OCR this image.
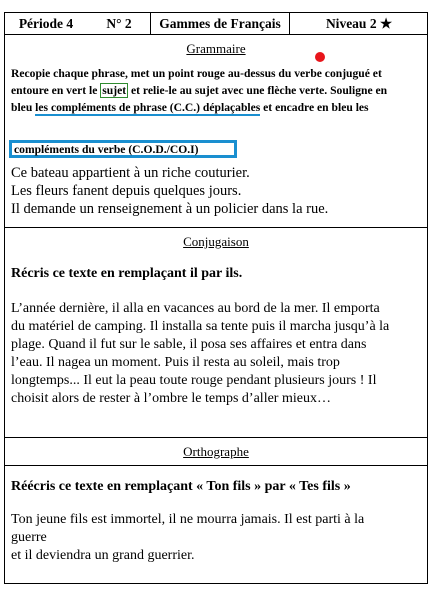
Période 4	N° 2	Gammes de Français	Niveau 2 ★
Grammaire
Recopie chaque phrase, met un point rouge au-dessus du verbe conjugué et
entoure en vert le sujet et relie-le au sujet avec une flèche verte. Souligne en
bleu les compléments de phrase (C.C.) déplaçables et encadre en bleu les
compléments du verbe (C.O.D./CO.I)
Ce bateau appartient à un riche couturier.
Les fleurs fanent depuis quelques jours.
Il demande un renseignement à un policier dans la rue.
Conjugaison
Récris ce texte en remplaçant il par ils.
L’année dernière, il alla en vacances au bord de la mer. Il emporta
du matériel de camping. Il installa sa tente puis il marcha jusqu’à la
plage. Quand il fut sur le sable, il posa ses affaires et entra dans
l’eau. Il nagea un moment. Puis il resta au soleil, mais trop
longtemps... Il eut la peau toute rouge pendant plusieurs jours ! Il
choisit alors de rester à l’ombre le temps d’aller mieux…
Orthographe
Réécris ce texte en remplaçant « Ton fils » par « Tes fils »
Ton jeune fils est immortel, il ne mourra jamais. Il est parti à la
guerre
et il deviendra un grand guerrier.
